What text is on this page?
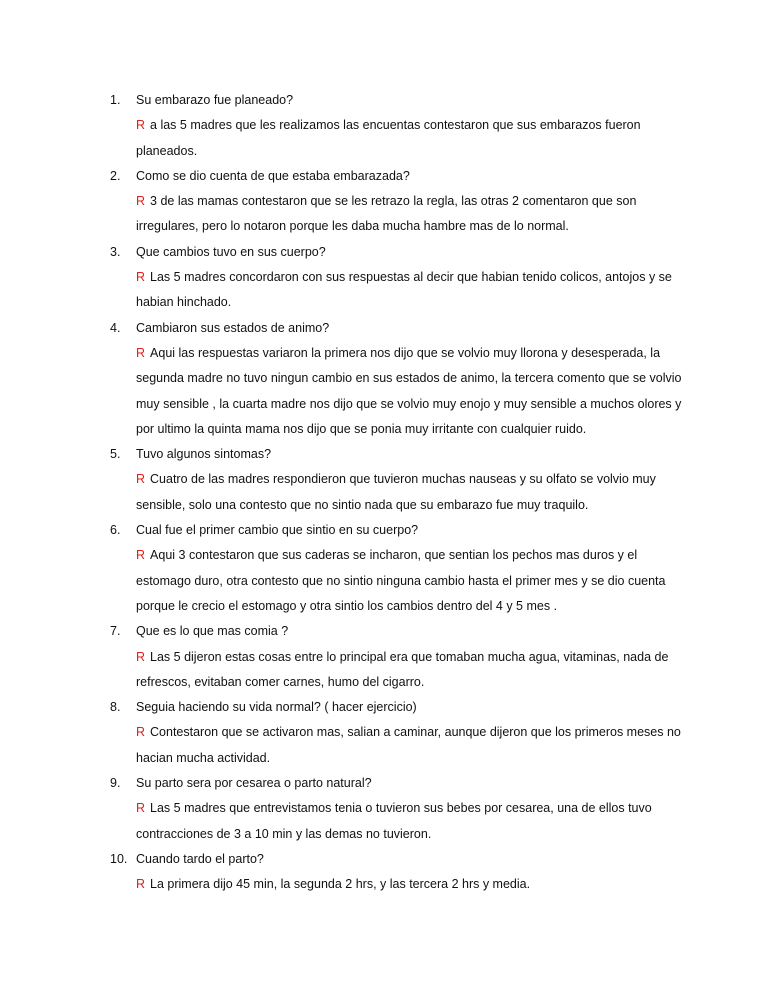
1.	Su embarazo fue planeado?
R a las 5 madres que les realizamos las encuentas contestaron que sus embarazos fueron planeados.
2.	Como se dio cuenta de que estaba embarazada?
R 3 de las mamas contestaron que se les retrazo la regla, las otras 2 comentaron que son irregulares, pero lo notaron porque les daba mucha hambre mas de lo normal.
3.	Que cambios tuvo en sus cuerpo?
R Las 5 madres concordaron con sus respuestas al decir que habian tenido colicos, antojos y se habian hinchado.
4.	Cambiaron sus estados de animo?
R Aqui las respuestas variaron la primera nos dijo que se volvio muy llorona y desesperada, la segunda madre no tuvo ningun cambio en sus estados de animo, la tercera comento que se volvio muy sensible , la cuarta madre nos dijo que se volvio muy enojo y muy sensible a muchos olores y por ultimo la quinta mama nos dijo que se ponia muy irritante con cualquier ruido.
5.	Tuvo algunos sintomas?
R Cuatro de las madres respondieron que tuvieron muchas nauseas y su olfato se volvio muy sensible, solo una contesto que no sintio nada que su embarazo fue muy traquilo.
6.	Cual fue el primer cambio que sintio en su cuerpo?
R Aqui 3 contestaron que sus caderas se incharon, que sentian los pechos mas duros y el estomago duro, otra contesto que no sintio ninguna cambio hasta el primer mes y se dio cuenta porque le crecio el estomago y otra sintio los cambios dentro del 4 y 5 mes .
7.	Que es lo que mas comia ?
R Las 5 dijeron estas cosas entre lo principal era que tomaban mucha agua, vitaminas, nada de refrescos, evitaban comer carnes, humo del cigarro.
8.	Seguia haciendo su vida normal? ( hacer ejercicio)
R Contestaron que se activaron mas, salian a caminar, aunque dijeron que los primeros meses no hacian mucha actividad.
9.	Su parto sera por cesarea o parto natural?
R Las 5 madres que entrevistamos tenia o tuvieron sus bebes por cesarea, una de ellos tuvo contracciones de 3 a 10 min y las demas no tuvieron.
10. Cuando tardo el parto?
R La primera dijo 45 min, la segunda 2 hrs, y las tercera 2 hrs y media.
